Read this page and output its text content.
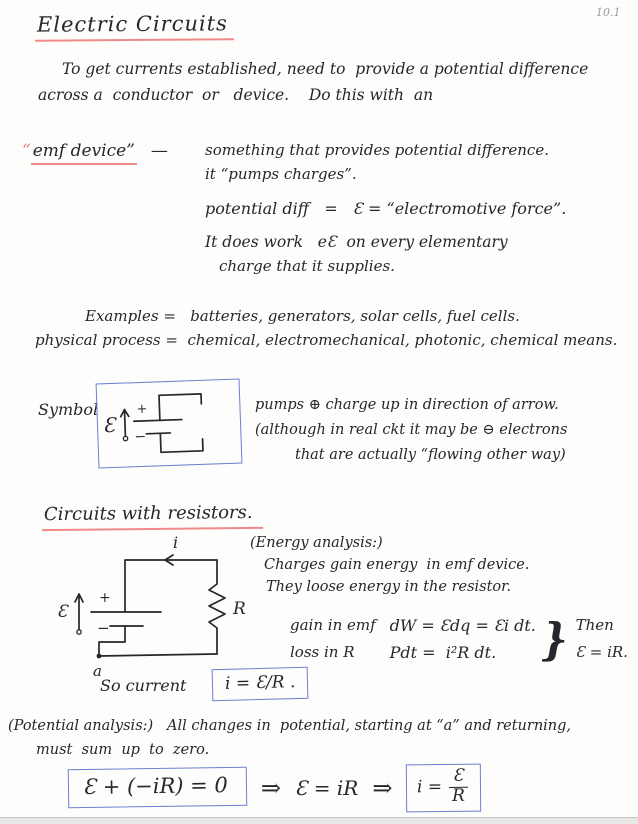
10.1
Electric Circuits
To get currents established, need to  provide a potential difference
across a  conductor  or   device.    Do this with  an
“ emf device” — something that provides potential difference.
it “pumps charges”.
potential diff   =   Ɛ = “electromotive force”.
It does work   eƐ  on every elementary
charge that it supplies.
Examples =   batteries, generators, solar cells, fuel cells.
physical process =  chemical, electromechanical, photonic, chemical means.
Symbol
Ɛ
+
−
pumps ⊕ charge up in direction of arrow.
(although in real ckt it may be ⊖ electrons
that are actually “flowing other way)
Circuits with resistors.
Ɛ
+
−
i
R
a
(Energy analysis:)
Charges gain energy  in emf device.
They loose energy in the resistor.
gain in emf
loss in R
dW = Ɛdq = Ɛi dt.
Pdt =  i²R dt.	} Then
Ɛ = iR.
So current	i = Ɛ/R .
(Potential analysis:)   All changes in  potential, starting at “a” and returning,
must  sum  up  to  zero.
Ɛ + (−iR) = 0	⇒ Ɛ = iR ⇒ $i = \frac{Ɛ}{R}$
